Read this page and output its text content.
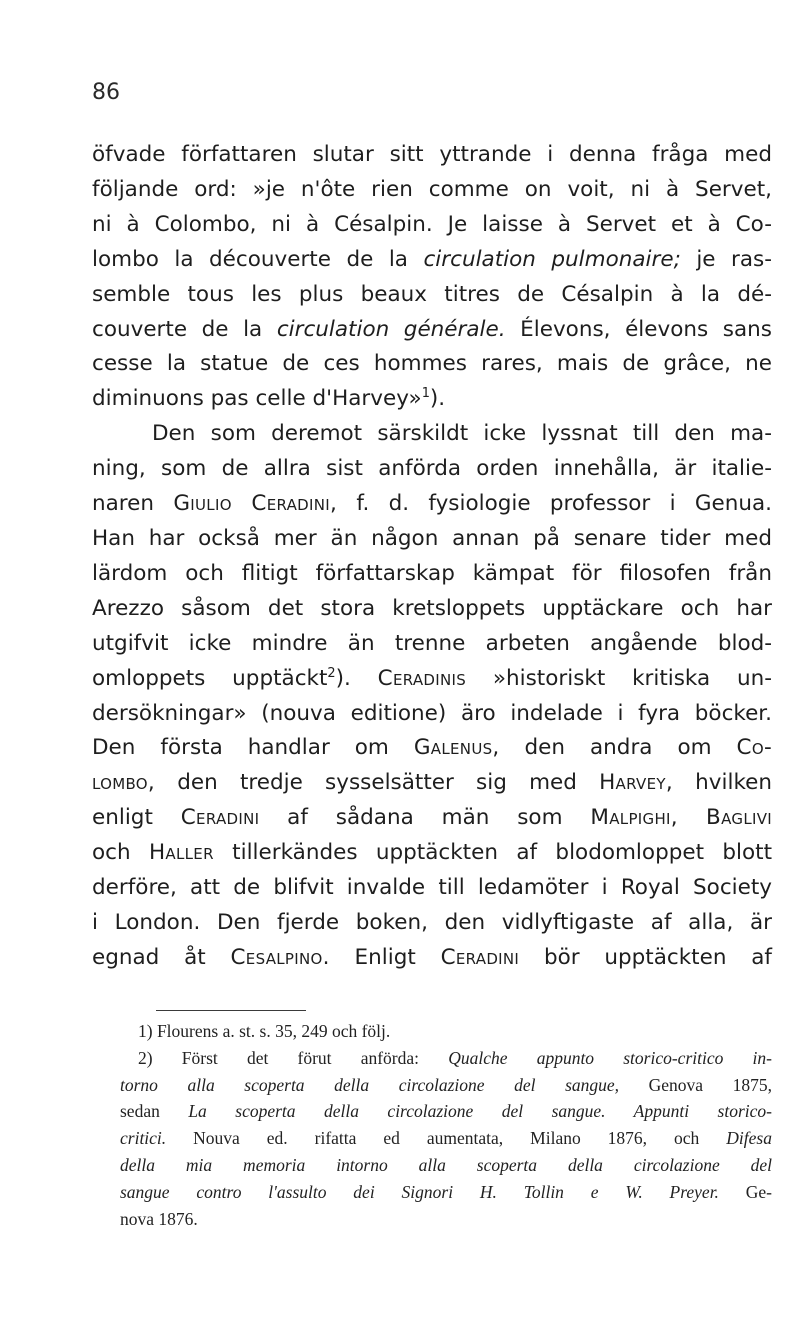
86
öfvade författaren slutar sitt yttrande i denna fråga med
följande ord: »je n'ôte rien comme on voit, ni à Servet,
ni à Colombo, ni à Césalpin. Je laisse à Servet et à Co-
lombo la découverte de la circulation pulmonaire; je ras-
semble tous les plus beaux titres de Césalpin à la dé-
couverte de la circulation générale. Élevons, élevons sans
cesse la statue de ces hommes rares, mais de grâce, ne
diminuons pas celle d'Harvey»$^1$).
Den som deremot särskildt icke lyssnat till den ma-
ning, som de allra sist anförda orden innehålla, är italie-
naren Giulio Ceradini, f. d. fysiologie professor i Genua.
Han har också mer än någon annan på senare tider med
lärdom och flitigt författarskap kämpat för filosofen från
Arezzo såsom det stora kretsloppets upptäckare och har
utgifvit icke mindre än trenne arbeten angående blod-
omloppets upptäckt$^2$). Ceradinis »historiskt kritiska un-
dersökningar» (nouva editione) äro indelade i fyra böcker.
Den första handlar om Galenus, den andra om Co-
lombo, den tredje sysselsätter sig med Harvey, hvilken
enligt Ceradini af sådana män som Malpighi, Baglivi
och Haller tillerkändes upptäckten af blodomloppet blott
derföre, att de blifvit invalde till ledamöter i Royal Society
i London. Den fjerde boken, den vidlyftigaste af alla, är
egnad åt Cesalpino. Enligt Ceradini bör upptäckten af
1) Flourens a. st. s. 35, 249 och följ.
2) Först det förut anförda: Qualche appunto storico-critico in-
torno alla scoperta della circolazione del sangue, Genova 1875,
sedan La scoperta della circolazione del sangue. Appunti storico-
critici. Nouva ed. rifatta ed aumentata, Milano 1876, och Difesa
della mia memoria intorno alla scoperta della circolazione del
sangue contro l'assulto dei Signori H. Tollin e W. Preyer. Ge-
nova 1876.
